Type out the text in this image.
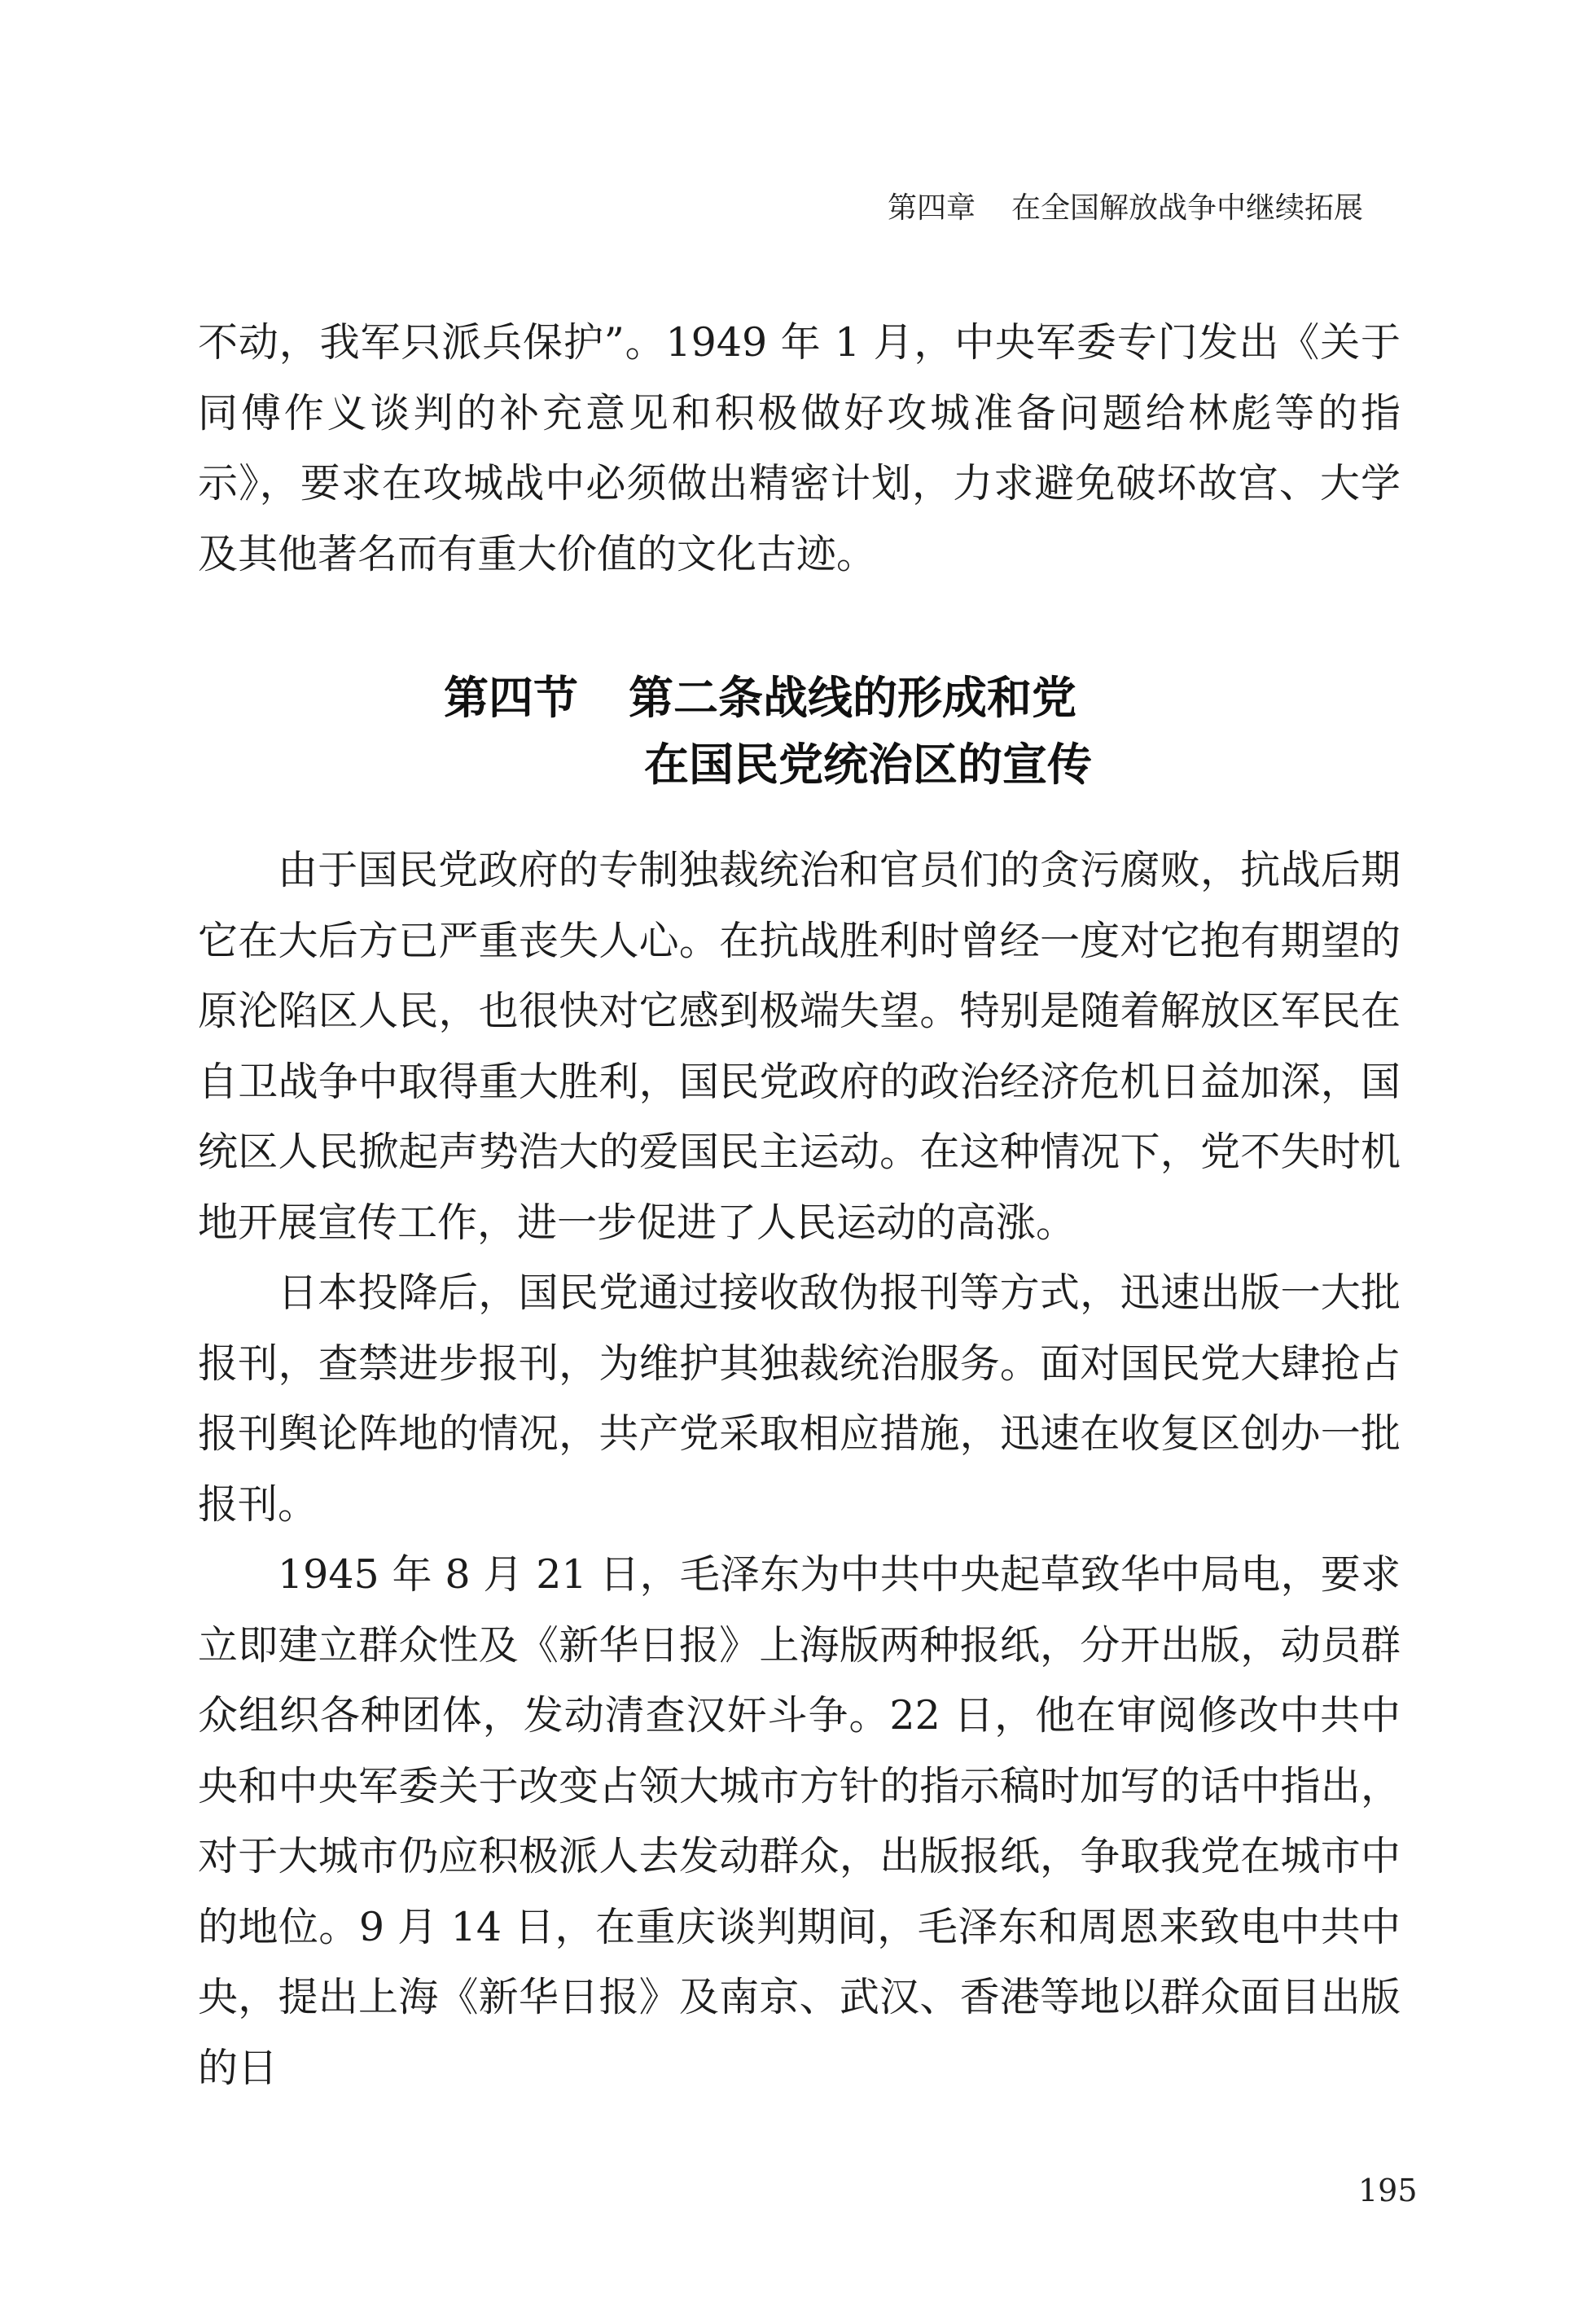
第四章 在全国解放战争中继续拓展

不动，我军只派兵保护”。1949 年 1 月，中央军委专门发出《关于同傅作义谈判的补充意见和积极做好攻城准备问题给林彪等的指示》，要求在攻城战中必须做出精密计划，力求避免破坏故宫、大学及其他著名而有重大价值的文化古迹。

第四节 第二条战线的形成和党
在国民党统治区的宣传

由于国民党政府的专制独裁统治和官员们的贪污腐败，抗战后期它在大后方已严重丧失人心。在抗战胜利时曾经一度对它抱有期望的原沦陷区人民，也很快对它感到极端失望。特别是随着解放区军民在自卫战争中取得重大胜利，国民党政府的政治经济危机日益加深，国统区人民掀起声势浩大的爱国民主运动。在这种情况下，党不失时机地开展宣传工作，进一步促进了人民运动的高涨。

日本投降后，国民党通过接收敌伪报刊等方式，迅速出版一大批报刊，查禁进步报刊，为维护其独裁统治服务。面对国民党大肆抢占报刊舆论阵地的情况，共产党采取相应措施，迅速在收复区创办一批报刊。

1945 年 8 月 21 日，毛泽东为中共中央起草致华中局电，要求立即建立群众性及《新华日报》上海版两种报纸，分开出版，动员群众组织各种团体，发动清查汉奸斗争。22 日，他在审阅修改中共中央和中央军委关于改变占领大城市方针的指示稿时加写的话中指出，对于大城市仍应积极派人去发动群众，出版报纸，争取我党在城市中的地位。9 月 14 日，在重庆谈判期间，毛泽东和周恩来致电中共中央，提出上海《新华日报》及南京、武汉、香港等地以群众面目出版的日

195
